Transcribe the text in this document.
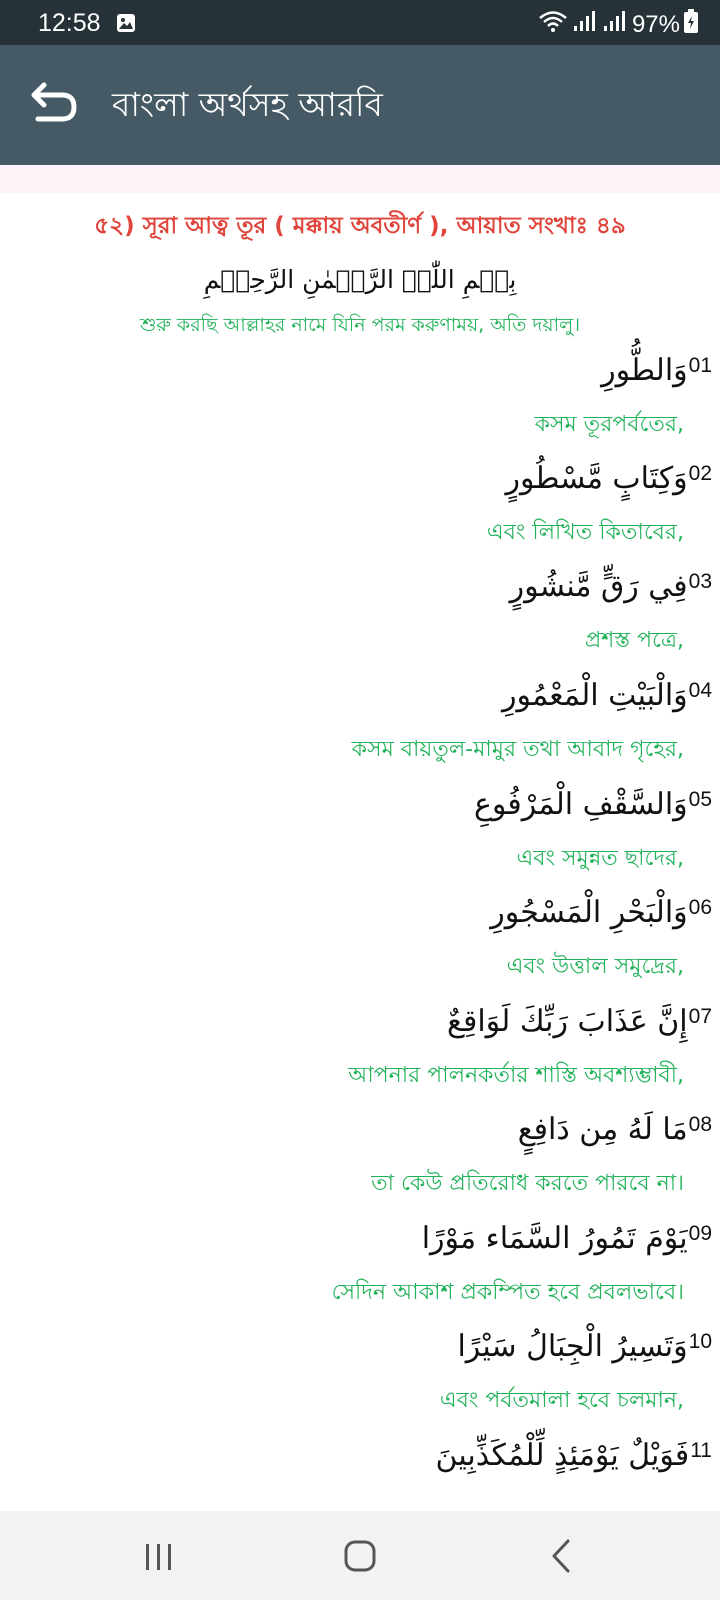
12:58	97%
বাংলা অর্থসহ আরবি
৫২) সূরা আত্ব তূর ( মক্কায় অবতীর্ণ ), আয়াত সংখাঃ ৪৯
بِسۡمِ اللّٰہِ الرَّحۡمٰنِ الرَّحِیۡمِ
শুরু করছি আল্লাহর নামে যিনি পরম করুণাময়, অতি দয়ালু।
وَالطُّورِ 01
কসম তূরপর্বতের,
وَكِتَابٍ مَّسْطُورٍ 02
এবং লিখিত কিতাবের,
فِي رَقٍّ مَّنشُورٍ 03
প্রশস্ত পত্রে,
وَالْبَيْتِ الْمَعْمُورِ 04
কসম বায়তুল-মামুর তথা আবাদ গৃহের,
وَالسَّقْفِ الْمَرْفُوعِ 05
এবং সমুন্নত ছাদের,
وَالْبَحْرِ الْمَسْجُورِ 06
এবং উত্তাল সমুদ্রের,
إِنَّ عَذَابَ رَبِّكَ لَوَاقِعٌ 07
আপনার পালনকর্তার শাস্তি অবশ্যম্ভাবী,
مَا لَهُ مِن دَافِعٍ 08
তা কেউ প্রতিরোধ করতে পারবে না।
يَوْمَ تَمُورُ السَّمَاء مَوْرًا 09
সেদিন আকাশ প্রকম্পিত হবে প্রবলভাবে।
وَتَسِيرُ الْجِبَالُ سَيْرًا 10
এবং পর্বতমালা হবে চলমান,
فَوَيْلٌ يَوْمَئِذٍ لِّلْمُكَذِّبِينَ 11
